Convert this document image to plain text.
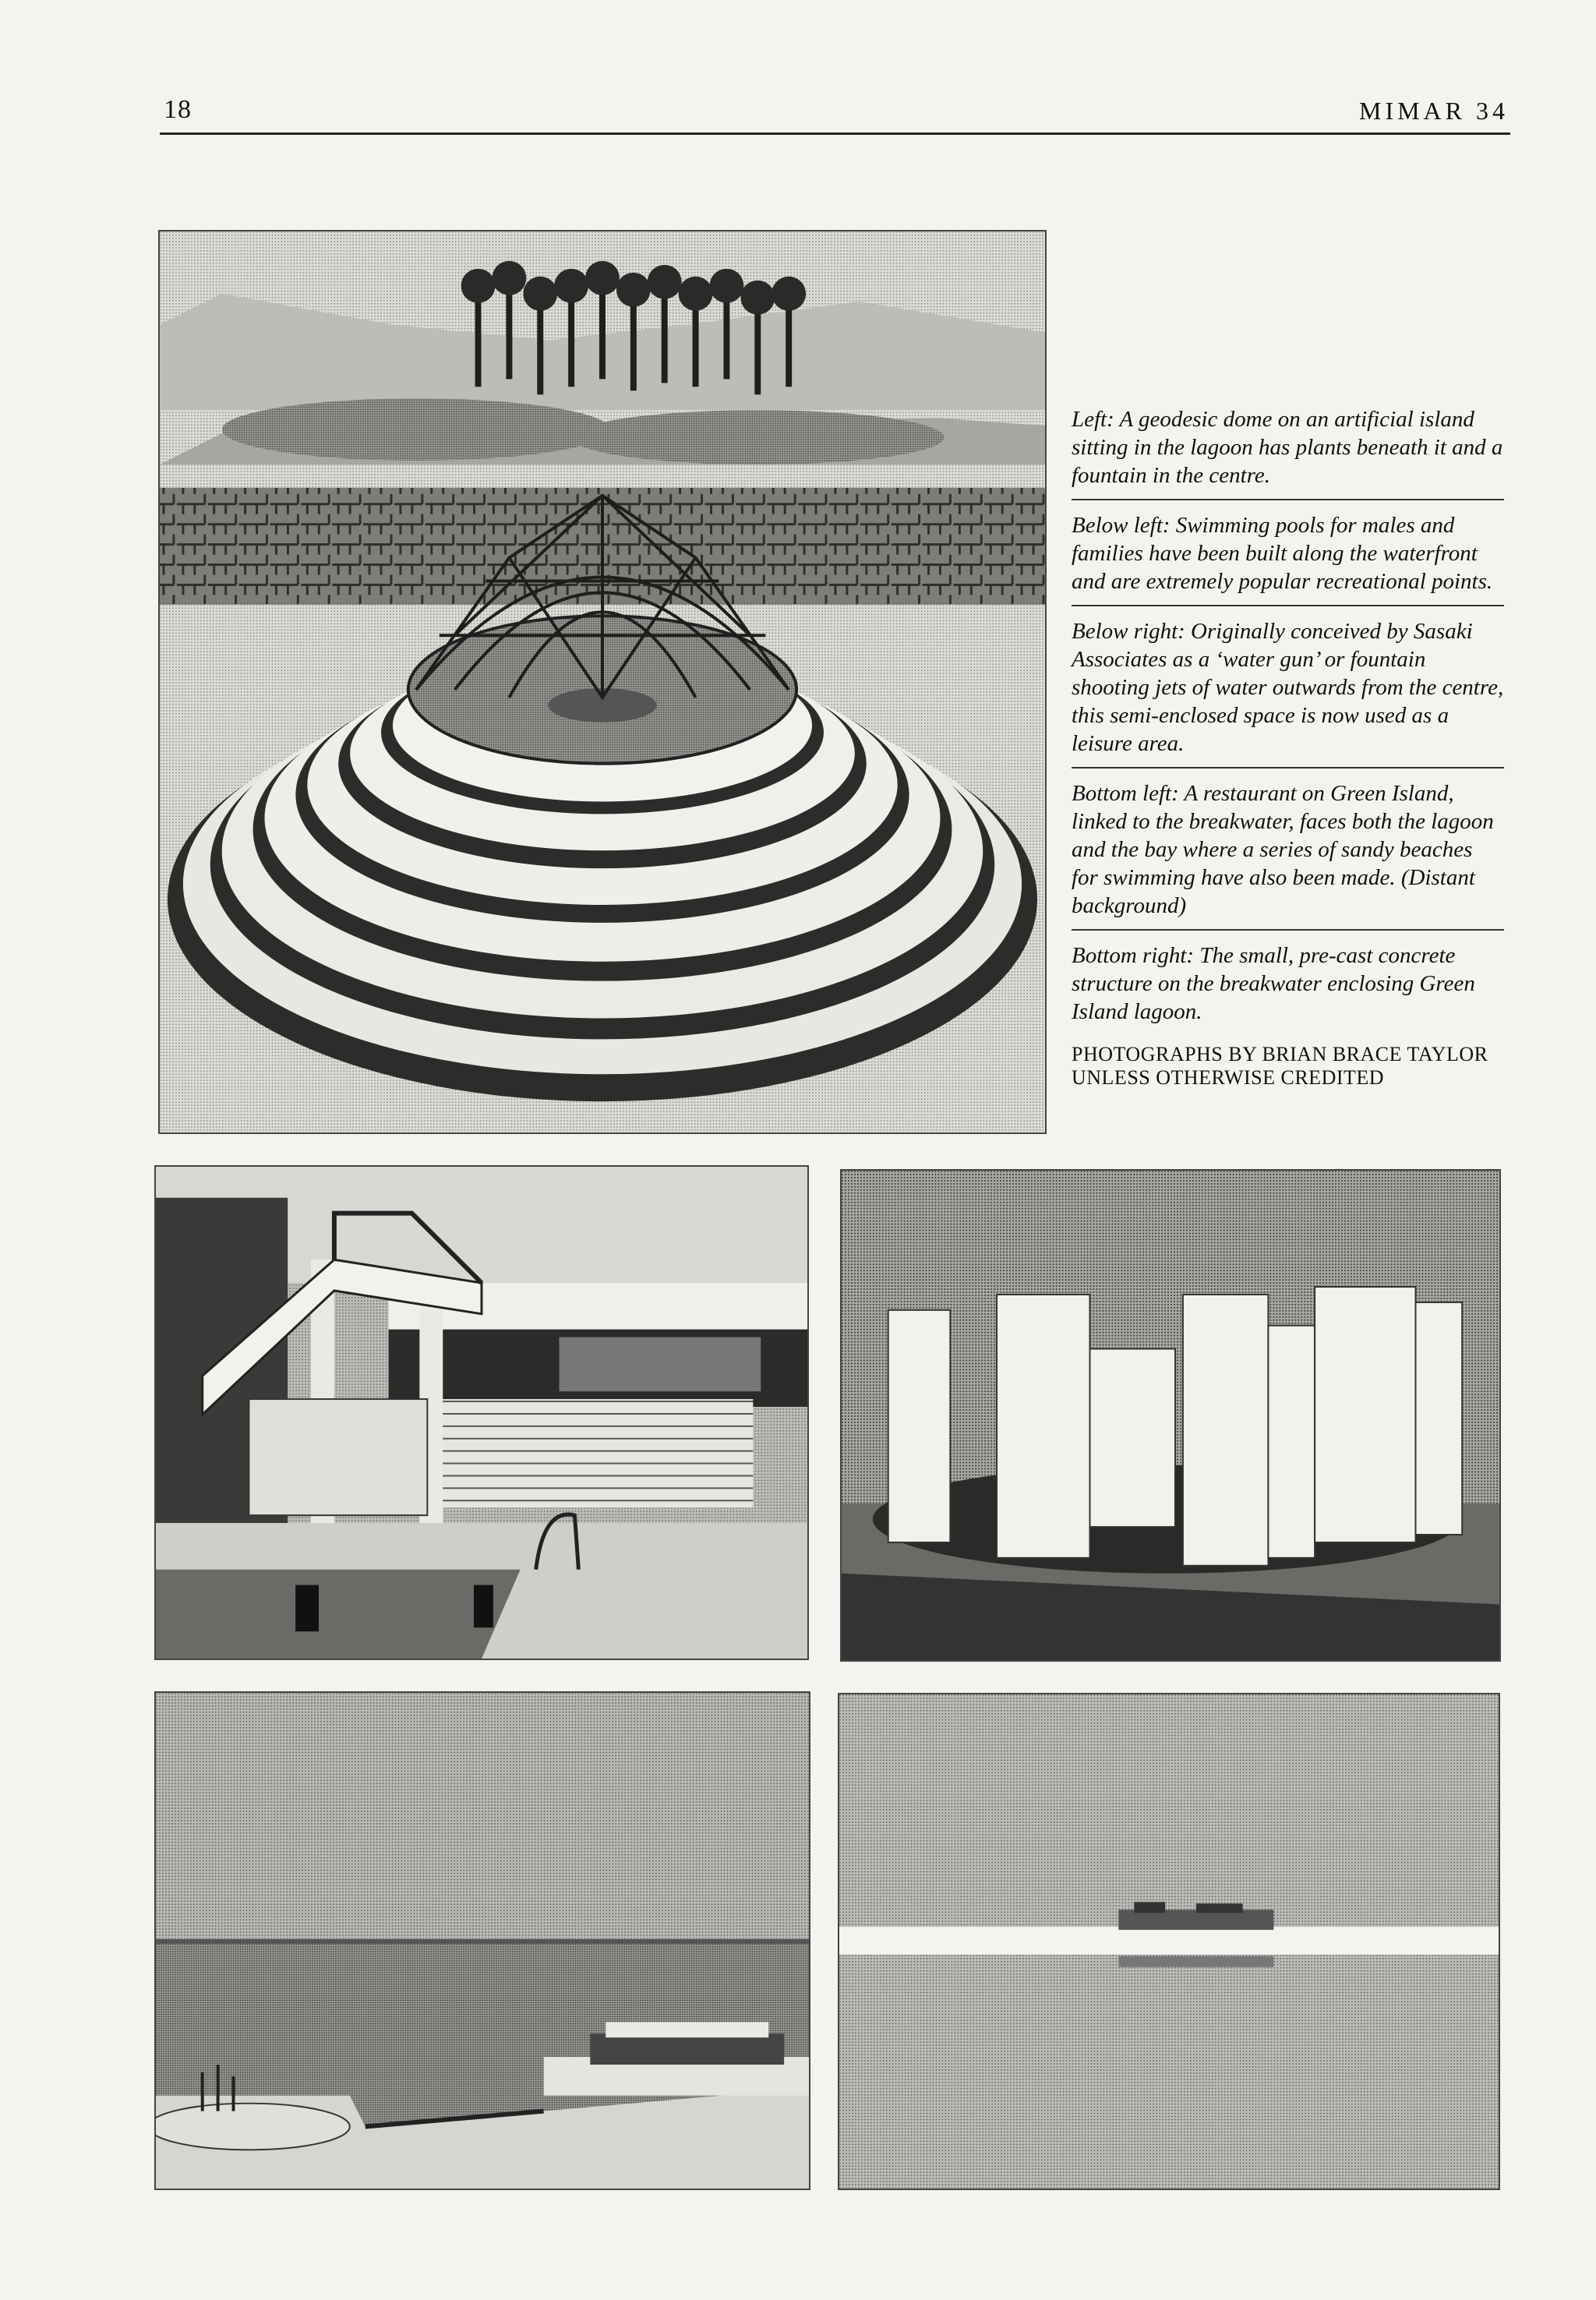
18	MIMAR 34

Left: A geodesic dome on an artificial island sitting in the lagoon has plants beneath it and a fountain in the centre.

Below left: Swimming pools for males and families have been built along the waterfront and are extremely popular recreational points.

Below right: Originally conceived by Sasaki Associates as a ‘water gun’ or fountain shooting jets of water outwards from the centre, this semi-enclosed space is now used as a leisure area.

Bottom left: A restaurant on Green Island, linked to the breakwater, faces both the lagoon and the bay where a series of sandy beaches for swimming have also been made. (Distant background)

Bottom right: The small, pre-cast concrete structure on the breakwater enclosing Green Island lagoon.

PHOTOGRAPHS BY BRIAN BRACE TAYLOR
UNLESS OTHERWISE CREDITED
